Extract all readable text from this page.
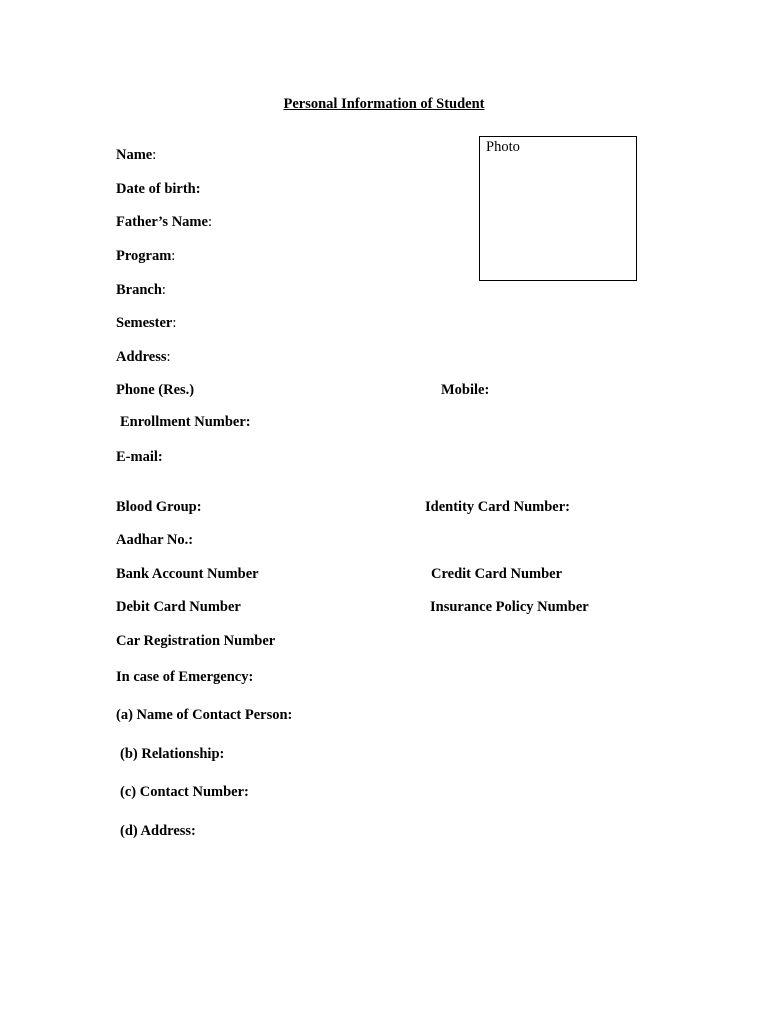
Personal Information of Student
Photo
Name:
Date of birth:
Father’s Name:
Program:
Branch:
Semester:
Address:
Phone (Res.)	Mobile:
Enrollment Number:
E-mail:
Blood Group:	Identity Card Number:
Aadhar No.:
Bank Account Number	Credit Card Number
Debit Card Number	Insurance Policy Number
Car Registration Number
In case of Emergency:
(a) Name of Contact Person:
(b) Relationship:
(c) Contact Number:
(d) Address:
